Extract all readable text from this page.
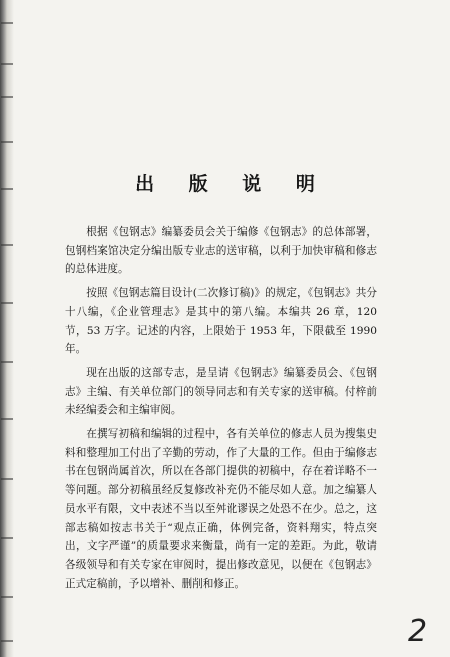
出 版 说 明

根据《包钢志》编纂委员会关于编修《包钢志》的总体部署，包钢档案馆决定分编出版专业志的送审稿，以利于加快审稿和修志的总体进度。

按照《包钢志篇目设计(二次修订稿)》的规定，《包钢志》共分十八编，《企业管理志》是其中的第八编。本编共 26 章，120 节，53 万字。记述的内容，上限始于 1953 年，下限截至 1990 年。

现在出版的这部专志，是呈请《包钢志》编纂委员会、《包钢志》主编、有关单位部门的领导同志和有关专家的送审稿。付梓前未经编委会和主编审阅。

在撰写初稿和编辑的过程中，各有关单位的修志人员为搜集史料和整理加工付出了辛勤的劳动，作了大量的工作。但由于编修志书在包钢尚属首次，所以在各部门提供的初稿中，存在着详略不一等问题。部分初稿虽经反复修改补充仍不能尽如人意。加之编纂人员水平有限，文中表述不当以至舛讹谬误之处恐不在少。总之，这部志稿如按志书关于“观点正确，体例完备，资料翔实，特点突出，文字严谨”的质量要求来衡量，尚有一定的差距。为此，敬请各级领导和有关专家在审阅时，提出修改意见，以便在《包钢志》正式定稿前，予以增补、删削和修正。

2
